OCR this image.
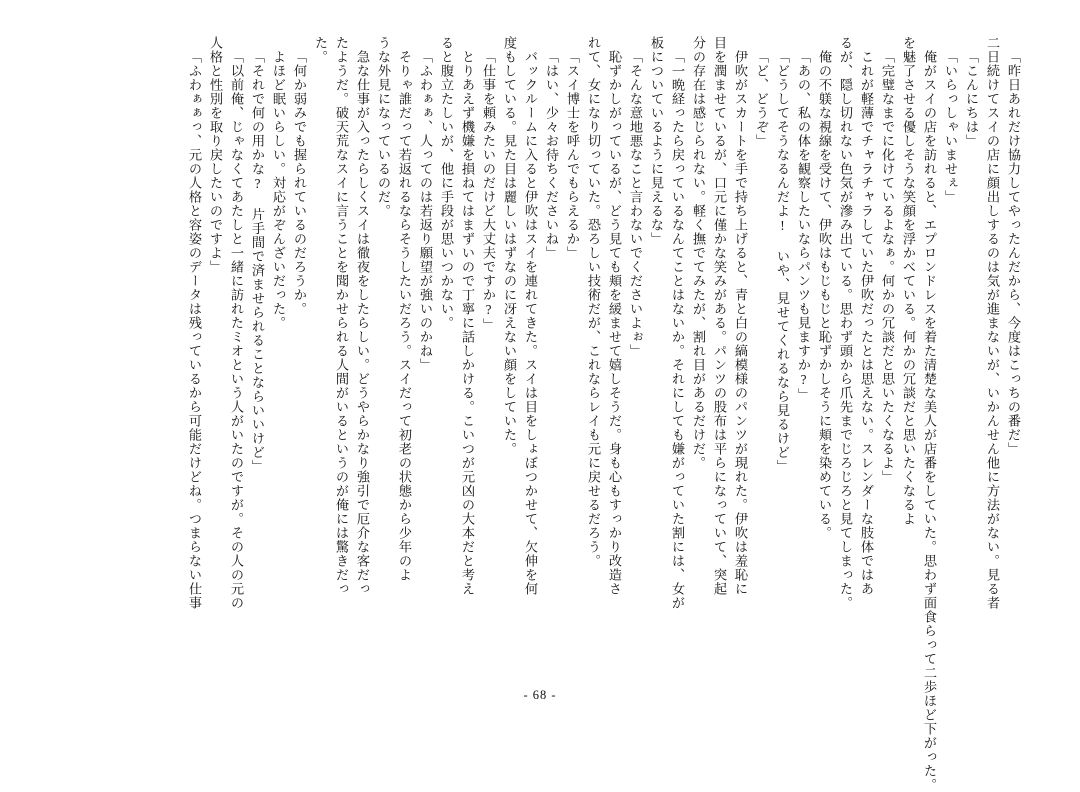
「昨日あれだけ協力してやったんだから、今度はこっちの番だ」
二日続けてスイの店に顔出しするのは気が進まないが、いかんせん他に方法がない。見る者
「こんにちは」
「いらっしゃいませぇ」
俺がスイの店を訪れると、エプロンドレスを着た清楚な美人が店番をしていた。思わず面食らって二歩ほど下がった。
を魅了させる優しそうな笑顔を浮かべている。何かの冗談だと思いたくなるよ
「完璧なまでに化けているよなぁ。何かの冗談だと思いたくなるよ」
これが軽薄でチャラチャラしていた伊吹だったとは思えない。スレンダーな肢体ではあ
るが、隠し切れない色気が滲み出ている。思わず頭から爪先までじろじろと見てしまった。
俺の不躾な視線を受けて、伊吹はもじもじと恥ずかしそうに頬を染めている。
「あの、私の体を観察したいならパンツも見ますか?」
「どうしてそうなるんだよ! いや、見せてくれるなら見るけど」
「ど、どうぞ」
伊吹がスカートを手で持ち上げると、青と白の縞模様のパンツが現れた。伊吹は羞恥に
目を潤ませているが、口元に僅かな笑みがある。パンツの股布は平らになっていて、突起
分の存在は感じられない。軽く撫でてみたが、割れ目があるだけだ。
「一晩経ったら戻っているなんてことはないか。それにしても嫌がっていた割には、女が
板についているように見えるな」
「そんな意地悪なこと言わないでくださいよぉ」
恥ずかしがっているが、どう見ても頬を緩ませて嬉しそうだ。身も心もすっかり改造さ
れて、女になり切っていた。恐ろしい技術だが、これならレイも元に戻せるだろう。
「スイ博士を呼んでもらえるか」
「はい、少々お待ちくださいね」
バックルームに入ると伊吹はスイを連れてきた。スイは目をしょぼつかせて、欠伸を何
度もしている。見た目は麗しいはずなのに冴えない顔をしていた。
「仕事を頼みたいのだけど大丈夫ですか?」
とりあえず機嫌を損ねてはまずいので丁寧に話しかける。こいつが元凶の大本だと考え
ると腹立たしいが、他に手段が思いつかない。
「ふわぁぁ、人ってのは若返り願望が強いのかね」
そりゃ誰だって若返れるならそうしたいだろう。スイだって初老の状態から少年のよ
うな外見になっているのだ。
急な仕事が入ったらしくスイは徹夜をしたらしい。どうやらかなり強引で厄介な客だっ
たようだ。破天荒なスイに言うことを聞かせられる人間がいるというのが俺には驚きだっ
た。
「何か弱みでも握られているのだろうか。
よほど眠いらしい。対応がぞんざいだった。
「それで何の用かな? 片手間で済ませられることならいいけど」
「以前俺、じゃなくてあたしと一緒に訪れたミオという人がいたのですが。その人の元の
人格と性別を取り戻したいのですよ」
「ふわぁぁっ、元の人格と容姿のデータは残っているから可能だけどね。つまらない仕事
- 68 -
